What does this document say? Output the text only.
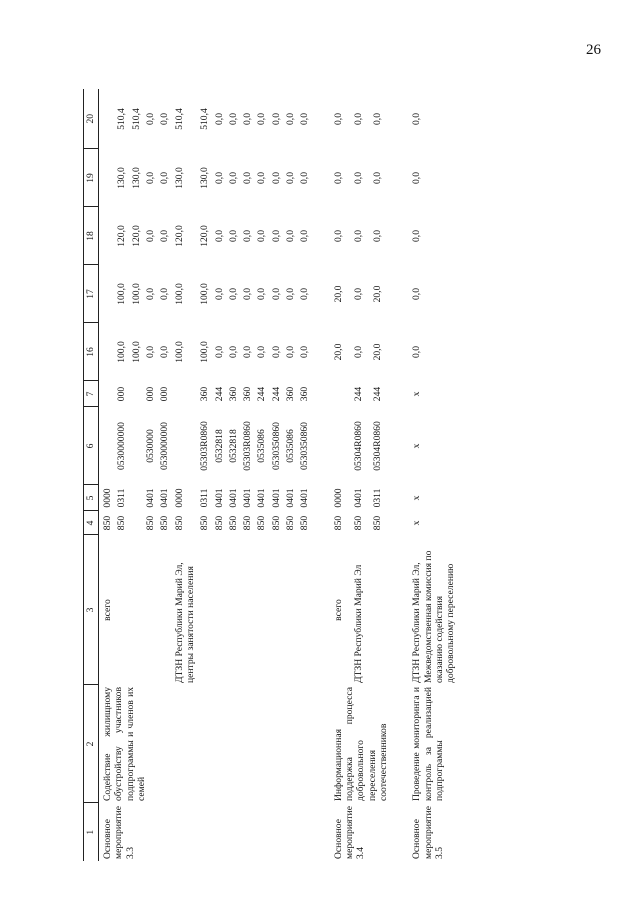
26
1	2	3	4	5	6	7	16	17	18	19	20
Основное мероприятие 3.3	Содействие жилищному обустройству участников подпрограммы и членов их семей	всего	850	0000							
			850	0311	0530000000	000	100,0	100,0	120,0	130,0	510,4
							100,0	100,0	120,0	130,0	510,4
			850	0401	0530000	000	0,0	0,0	0,0	0,0	0,0
			850	0401	0530000000	000	0,0	0,0	0,0	0,0	0,0
		ДТЗН Республики Марий Эл, центры занятости населения	850	0000			100,0	100,0	120,0	130,0	510,4
			850	0311	05303R0860	360	100,0	100,0	120,0	130,0	510,4
			850	0401	0532818	244	0,0	0,0	0,0	0,0	0,0
			850	0401	0532818	360	0,0	0,0	0,0	0,0	0,0
			850	0401	05303R0860	360	0,0	0,0	0,0	0,0	0,0
			850	0401	0535086	244	0,0	0,0	0,0	0,0	0,0
			850	0401	0530350860	244	0,0	0,0	0,0	0,0	0,0
			850	0401	0535086	360	0,0	0,0	0,0	0,0	0,0
			850	0401	0530350860	360	0,0	0,0	0,0	0,0	0,0

Основное мероприятие 3.4	Информационная поддержка процесса добровольного переселения соотечественников	всего	850	0000			20,0	20,0	0,0	0,0	0,0
		ДТЗН Республики Марий Эл	850	0401	05304R0860	244	0,0	0,0	0,0	0,0	0,0
			850	0311	05304R0860	244	20,0	20,0	0,0	0,0	0,0

Основное мероприятие 3.5	Проведение мониторинга и контроль за реализацией подпрограммы	ДТЗН Республики Марий Эл, Межведомственная комиссия по оказанию содействия добровольному переселению	x	x	x	x	0,0	0,0	0,0	0,0	0,0
